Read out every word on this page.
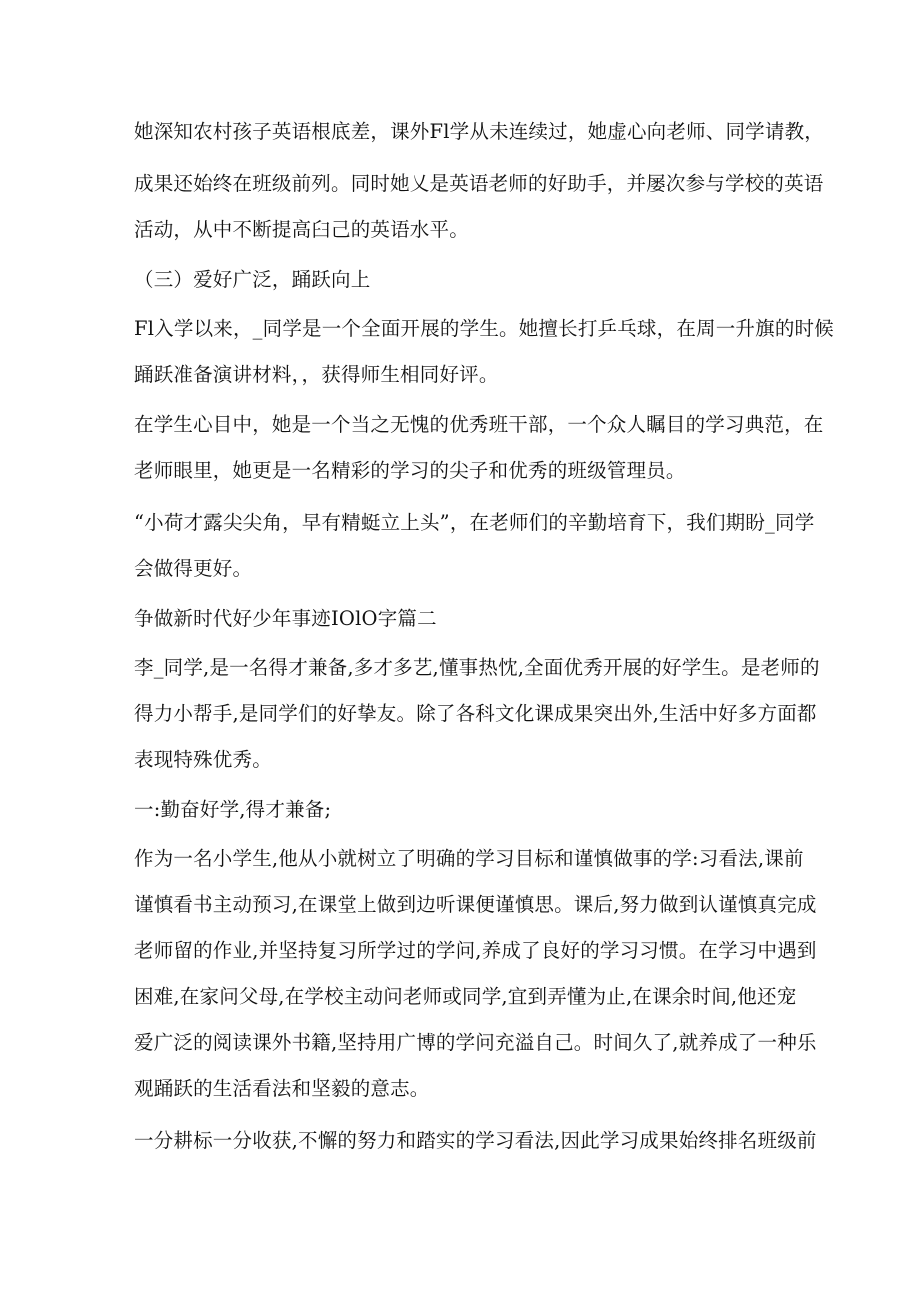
她深知农村孩子英语根底差，课外Fl学从未连续过，她虚心向老师、同学请教，
成果还始终在班级前列。同时她乂是英语老师的好助手，并屡次参与学校的英语
活动，从中不断提高臼己的英语水平。
（三）爱好广泛，踊跃向上
Fl入学以来，_同学是一个全面开展的学生。她擅长打乒乓球，在周一升旗的时候
踊跃准备演讲材料，，获得师生相同好评。
在学生心目中，她是一个当之无愧的优秀班干部，一个众人瞩目的学习典范，在
老师眼里，她更是一名精彩的学习的尖子和优秀的班级管理员。
“小荷才露尖尖角，早有精蜓立上头”，在老师们的辛勤培育下，我们期盼_同学
会做得更好。
争做新时代好少年事迹IOlO字篇二
李_同学,是一名得才兼备,多才多艺,懂事热忱,全面优秀开展的好学生。是老师的
得力小帮手,是同学们的好挚友。除了各科文化课成果突出外,生活中好多方面都
表现特殊优秀。
一:勤奋好学,得才兼备;
作为一名小学生,他从小就树立了明确的学习目标和谨慎做事的学:习看法,课前
谨慎看书主动预习,在课堂上做到边听课便谨慎思。课后,努力做到认谨慎真完成
老师留的作业,并坚持复习所学过的学问,养成了良好的学习习惯。在学习中遇到
困难,在家问父母,在学校主动问老师或同学,宜到弄懂为止,在课余时间,他还宠
爱广泛的阅读课外书籍,坚持用广博的学问充溢自己。时间久了,就养成了一种乐
观踊跃的生活看法和坚毅的意志。
一分耕标一分收获,不懈的努力和踏实的学习看法,因此学习成果始终排名班级前
